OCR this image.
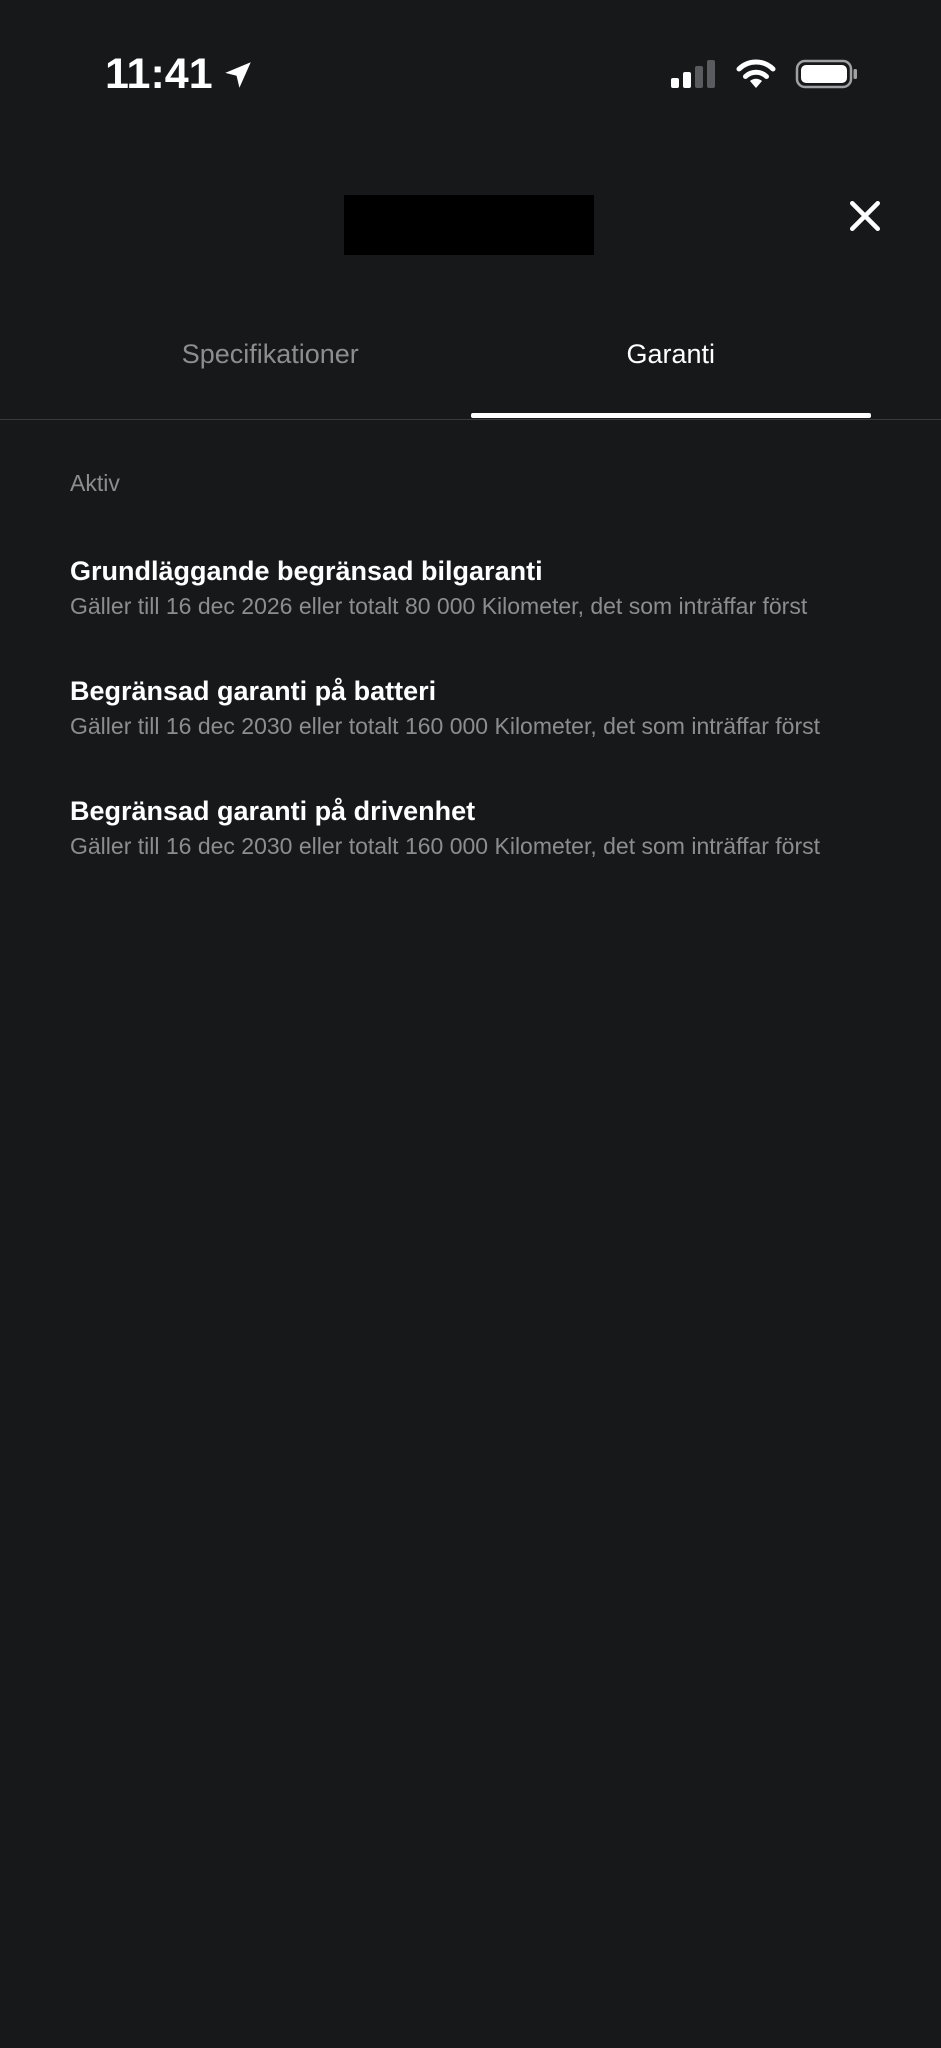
11:41
Specifikationer	Garanti
Aktiv
Grundläggande begränsad bilgaranti
Gäller till 16 dec 2026 eller totalt 80 000 Kilometer, det som inträffar först
Begränsad garanti på batteri
Gäller till 16 dec 2030 eller totalt 160 000 Kilometer, det som inträffar först
Begränsad garanti på drivenhet
Gäller till 16 dec 2030 eller totalt 160 000 Kilometer, det som inträffar först
